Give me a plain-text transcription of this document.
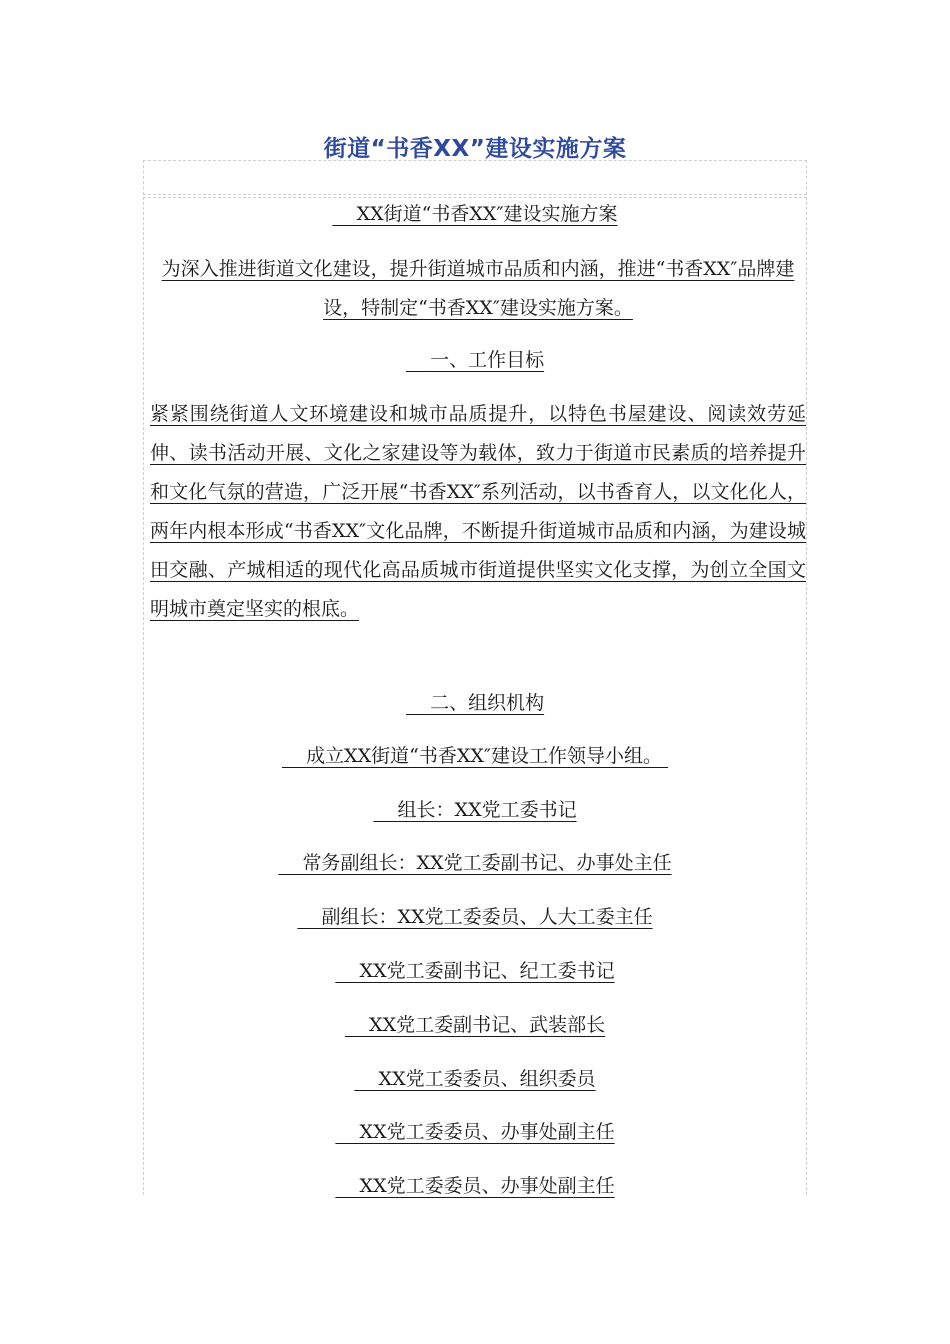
街道“书香XX”建设实施方案
XX街道“书香XX″建设实施方案
为深入推进街道文化建设，提升街道城市品质和内涵，推进“书香XX″品牌建设，特制定“书香XX″建设实施方案。
一、工作目标
紧紧围绕街道人文环境建设和城市品质提升，以特色书屋建设、阅读效劳延伸、读书活动开展、文化之家建设等为载体，致力于街道市民素质的培养提升和文化气氛的营造，广泛开展“书香XX″系列活动，以书香育人，以文化化人，两年内根本形成“书香XX″文化品牌，不断提升街道城市品质和内涵，为建设城田交融、产城相适的现代化高品质城市街道提供坚实文化支撑，为创立全国文明城市奠定坚实的根底。
二、组织机构
成立XX街道“书香XX″建设工作领导小组。
组长：XX党工委书记
常务副组长：XX党工委副书记、办事处主任
副组长：XX党工委委员、人大工委主任
XX党工委副书记、纪工委书记
XX党工委副书记、武装部长
XX党工委委员、组织委员
XX党工委委员、办事处副主任
XX党工委委员、办事处副主任
